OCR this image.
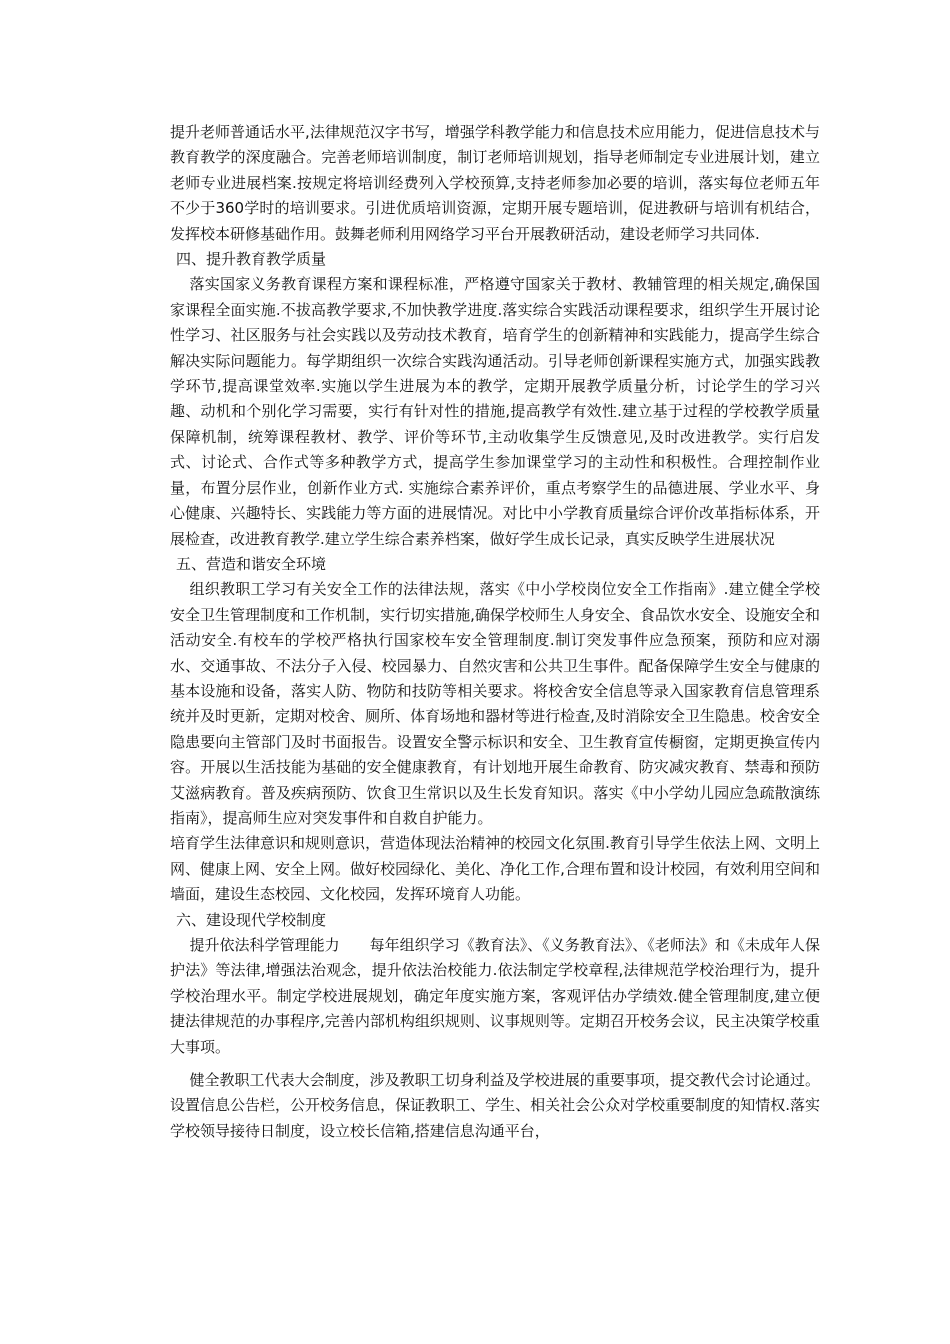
提升老师普通话水平,法律规范汉字书写，增强学科教学能力和信息技术应用能力，促进信息技术与教育教学的深度融合。完善老师培训制度，制订老师培训规划，指导老师制定专业进展计划，建立老师专业进展档案.按规定将培训经费列入学校预算,支持老师参加必要的培训，落实每位老师五年不少于360学时的培训要求。引进优质培训资源，定期开展专题培训，促进教研与培训有机结合，发挥校本研修基础作用。鼓舞老师利用网络学习平台开展教研活动，建设老师学习共同体.

四、提升教育教学质量

落实国家义务教育课程方案和课程标准，严格遵守国家关于教材、教辅管理的相关规定,确保国家课程全面实施.不拔高教学要求,不加快教学进度.落实综合实践活动课程要求，组织学生开展讨论性学习、社区服务与社会实践以及劳动技术教育，培育学生的创新精神和实践能力，提高学生综合解决实际问题能力。每学期组织一次综合实践沟通活动。引导老师创新课程实施方式，加强实践教学环节,提高课堂效率.实施以学生进展为本的教学，定期开展教学质量分析，讨论学生的学习兴趣、动机和个别化学习需要，实行有针对性的措施,提高教学有效性.建立基于过程的学校教学质量保障机制，统筹课程教材、教学、评价等环节,主动收集学生反馈意见,及时改进教学。实行启发式、讨论式、合作式等多种教学方式，提高学生参加课堂学习的主动性和积极性。合理控制作业量，布置分层作业，创新作业方式. 实施综合素养评价，重点考察学生的品德进展、学业水平、身心健康、兴趣特长、实践能力等方面的进展情况。对比中小学教育质量综合评价改革指标体系，开展检查，改进教育教学.建立学生综合素养档案，做好学生成长记录，真实反映学生进展状况

五、营造和谐安全环境

组织教职工学习有关安全工作的法律法规，落实《中小学校岗位安全工作指南》.建立健全学校安全卫生管理制度和工作机制，实行切实措施,确保学校师生人身安全、食品饮水安全、设施安全和活动安全.有校车的学校严格执行国家校车安全管理制度.制订突发事件应急预案，预防和应对溺水、交通事故、不法分子入侵、校园暴力、自然灾害和公共卫生事件。配备保障学生安全与健康的基本设施和设备，落实人防、物防和技防等相关要求。将校舍安全信息等录入国家教育信息管理系统并及时更新，定期对校舍、厕所、体育场地和器材等进行检查,及时消除安全卫生隐患。校舍安全隐患要向主管部门及时书面报告。设置安全警示标识和安全、卫生教育宣传橱窗，定期更换宣传内容。开展以生活技能为基础的安全健康教育，有计划地开展生命教育、防灾减灾教育、禁毒和预防艾滋病教育。普及疾病预防、饮食卫生常识以及生长发育知识。落实《中小学幼儿园应急疏散演练指南》，提高师生应对突发事件和自救自护能力。

培育学生法律意识和规则意识，营造体现法治精神的校园文化氛围.教育引导学生依法上网、文明上网、健康上网、安全上网。做好校园绿化、美化、净化工作,合理布置和设计校园，有效利用空间和墙面，建设生态校园、文化校园，发挥环境育人功能。

六、建设现代学校制度

提升依法科学管理能力　　每年组织学习《教育法》、《义务教育法》、《老师法》和《未成年人保护法》等法律,增强法治观念，提升依法治校能力.依法制定学校章程,法律规范学校治理行为，提升学校治理水平。制定学校进展规划，确定年度实施方案，客观评估办学绩效.健全管理制度,建立便捷法律规范的办事程序,完善内部机构组织规则、议事规则等。定期召开校务会议，民主决策学校重大事项。

健全教职工代表大会制度，涉及教职工切身利益及学校进展的重要事项，提交教代会讨论通过。设置信息公告栏，公开校务信息，保证教职工、学生、相关社会公众对学校重要制度的知情权.落实学校领导接待日制度，设立校长信箱,搭建信息沟通平台，
